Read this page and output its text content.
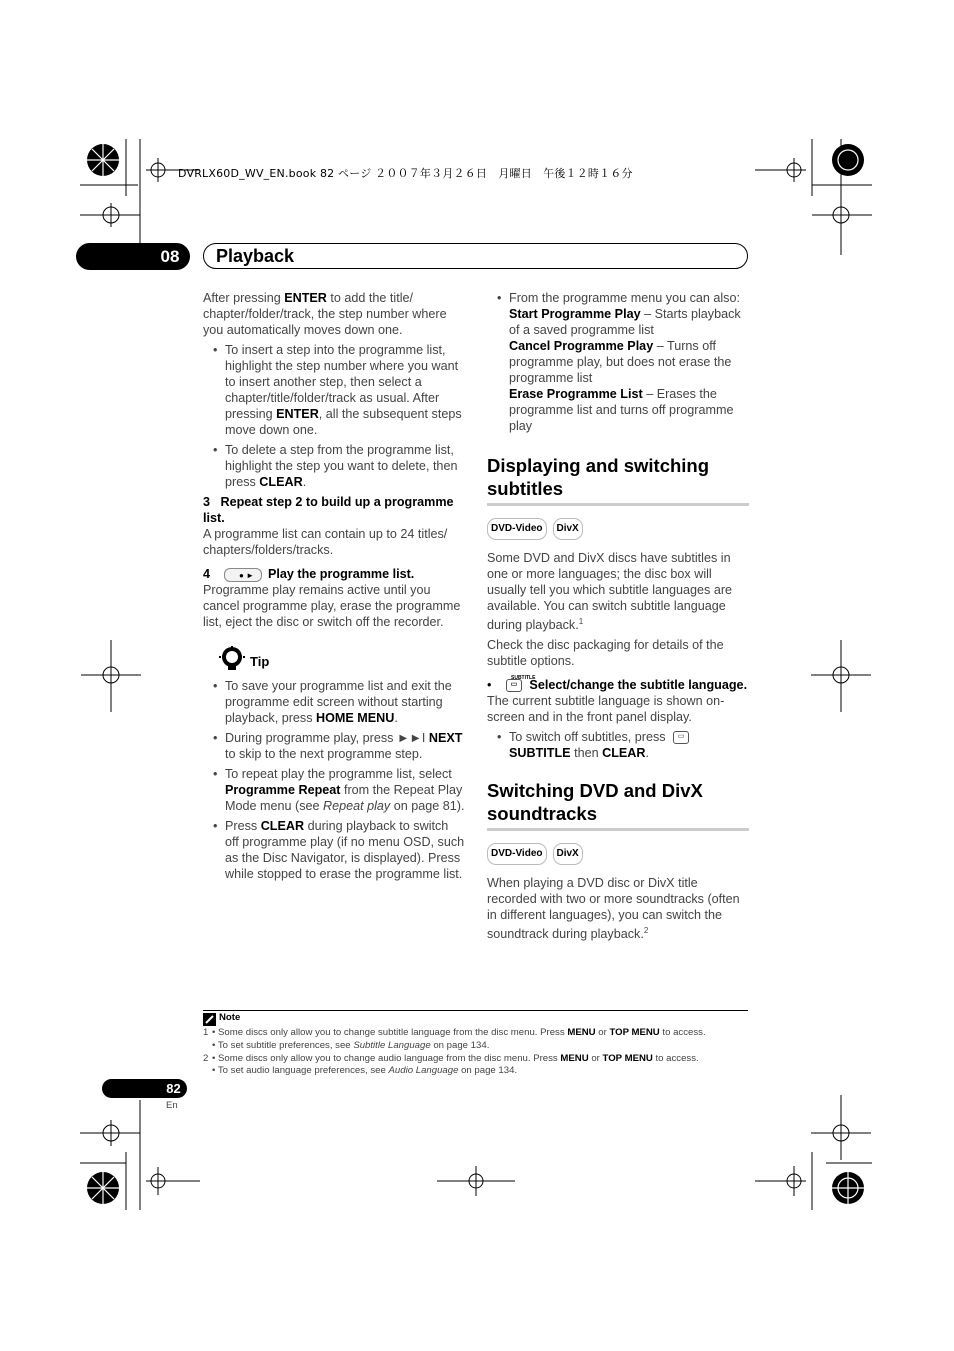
DVRLX60D_WV_EN.book 82 ページ ２００７年３月２６日　月曜日　午後１２時１６分
08	Playback

After pressing ENTER to add the title/ chapter/folder/track, the step number where you automatically moves down one.

• To insert a step into the programme list, highlight the step number where you want to insert another step, then select a chapter/title/folder/track as usual. After pressing ENTER, all the subsequent steps move down one.

• To delete a step from the programme list, highlight the step you want to delete, then press CLEAR.

3 Repeat step 2 to build up a programme list.

A programme list can contain up to 24 titles/ chapters/folders/tracks.

4	● ► Play the programme list.

Programme play remains active until you cancel programme play, erase the programme list, eject the disc or switch off the recorder.

Tip

• To save your programme list and exit the programme edit screen without starting playback, press HOME MENU.

• During programme play, press ►►I NEXT to skip to the next programme step.

• To repeat play the programme list, select Programme Repeat from the Repeat Play Mode menu (see Repeat play on page 81).

• Press CLEAR during playback to switch off programme play (if no menu OSD, such as the Disc Navigator, is displayed). Press while stopped to erase the programme list.

• From the programme menu you can also:

Start Programme Play – Starts playback of a saved programme list

Cancel Programme Play – Turns off programme play, but does not erase the programme list

Erase Programme List – Erases the programme list and turns off programme play

Displaying and switching subtitles
DVD-Video DivX

Some DVD and DivX discs have subtitles in one or more languages; the disc box will usually tell you which subtitle languages are available. You can switch subtitle language during playback.$^1$

Check the disc packaging for details of the subtitle options.

SUBTITLE

•	▭ Select/change the subtitle language.

The current subtitle language is shown on-screen and in the front panel display.

• To switch off subtitles, press ▭
SUBTITLE then CLEAR.

Switching DVD and DivX soundtracks
DVD-Video DivX

When playing a DVD disc or DivX title recorded with two or more soundtracks (often in different languages), you can switch the soundtrack during playback.$^2$

Note
1 • Some discs only allow you to change subtitle language from the disc menu. Press MENU or TOP MENU to access.
• To set subtitle preferences, see Subtitle Language on page 134.
2 • Some discs only allow you to change audio language from the disc menu. Press MENU or TOP MENU to access.
• To set audio language preferences, see Audio Language on page 134.
82
En
